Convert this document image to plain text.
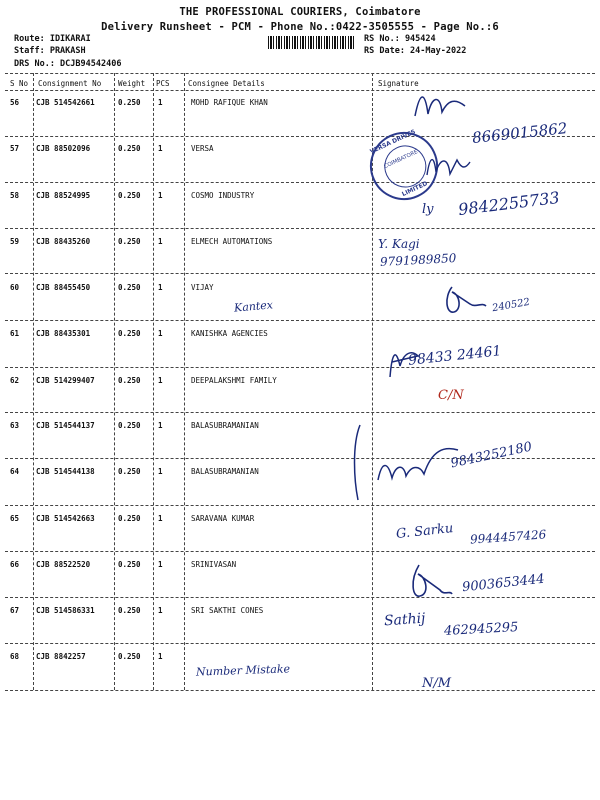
THE PROFESSIONAL COURIERS, Coimbatore
Delivery Runsheet - PCM - Phone No.:0422-3505555 - Page No.:6
Route: IDIKARAI
Staff: PRAKASH
DRS No.: DCJB94542406
RS No.: 945424
RS Date: 24-May-2022
S No Consignment No Weight PCS Consignee Details	Signature
56 CJB 514542661	0.250 1	MOHD RAFIQUE KHAN
57 CJB 88502096	0.250 1	VERSA
58 CJB 88524995	0.250 1	COSMO INDUSTRY
59 CJB 88435260	0.250 1	ELMECH AUTOMATIONS
60 CJB 88455450	0.250 1	VIJAY
61 CJB 88435301	0.250 1	KANISHKA AGENCIES
62 CJB 514299407	0.250 1	DEEPALAKSHMI FAMILY
63 CJB 514544137	0.250 1	BALASUBRAMANIAN
64 CJB 514544138	0.250 1	BALASUBRAMANIAN
65 CJB 514542663	0.250 1	SARAVANA KUMAR
66 CJB 88522520	0.250 1	SRINIVASAN
67 CJB 514586331	0.250 1	SRI SAKTHI CONES
68 CJB 8842257	0.250 1
VERSA DRIVES
COIMBATORE
LIMITED
8669015862
ly 9842255733
Y. Kagi
9791989850
Kantex	240522
98433 24461
C/N
9843252180
G. Sarku 9944457426
9003653444
Sathij
462945295
Number Mistake
N/M
